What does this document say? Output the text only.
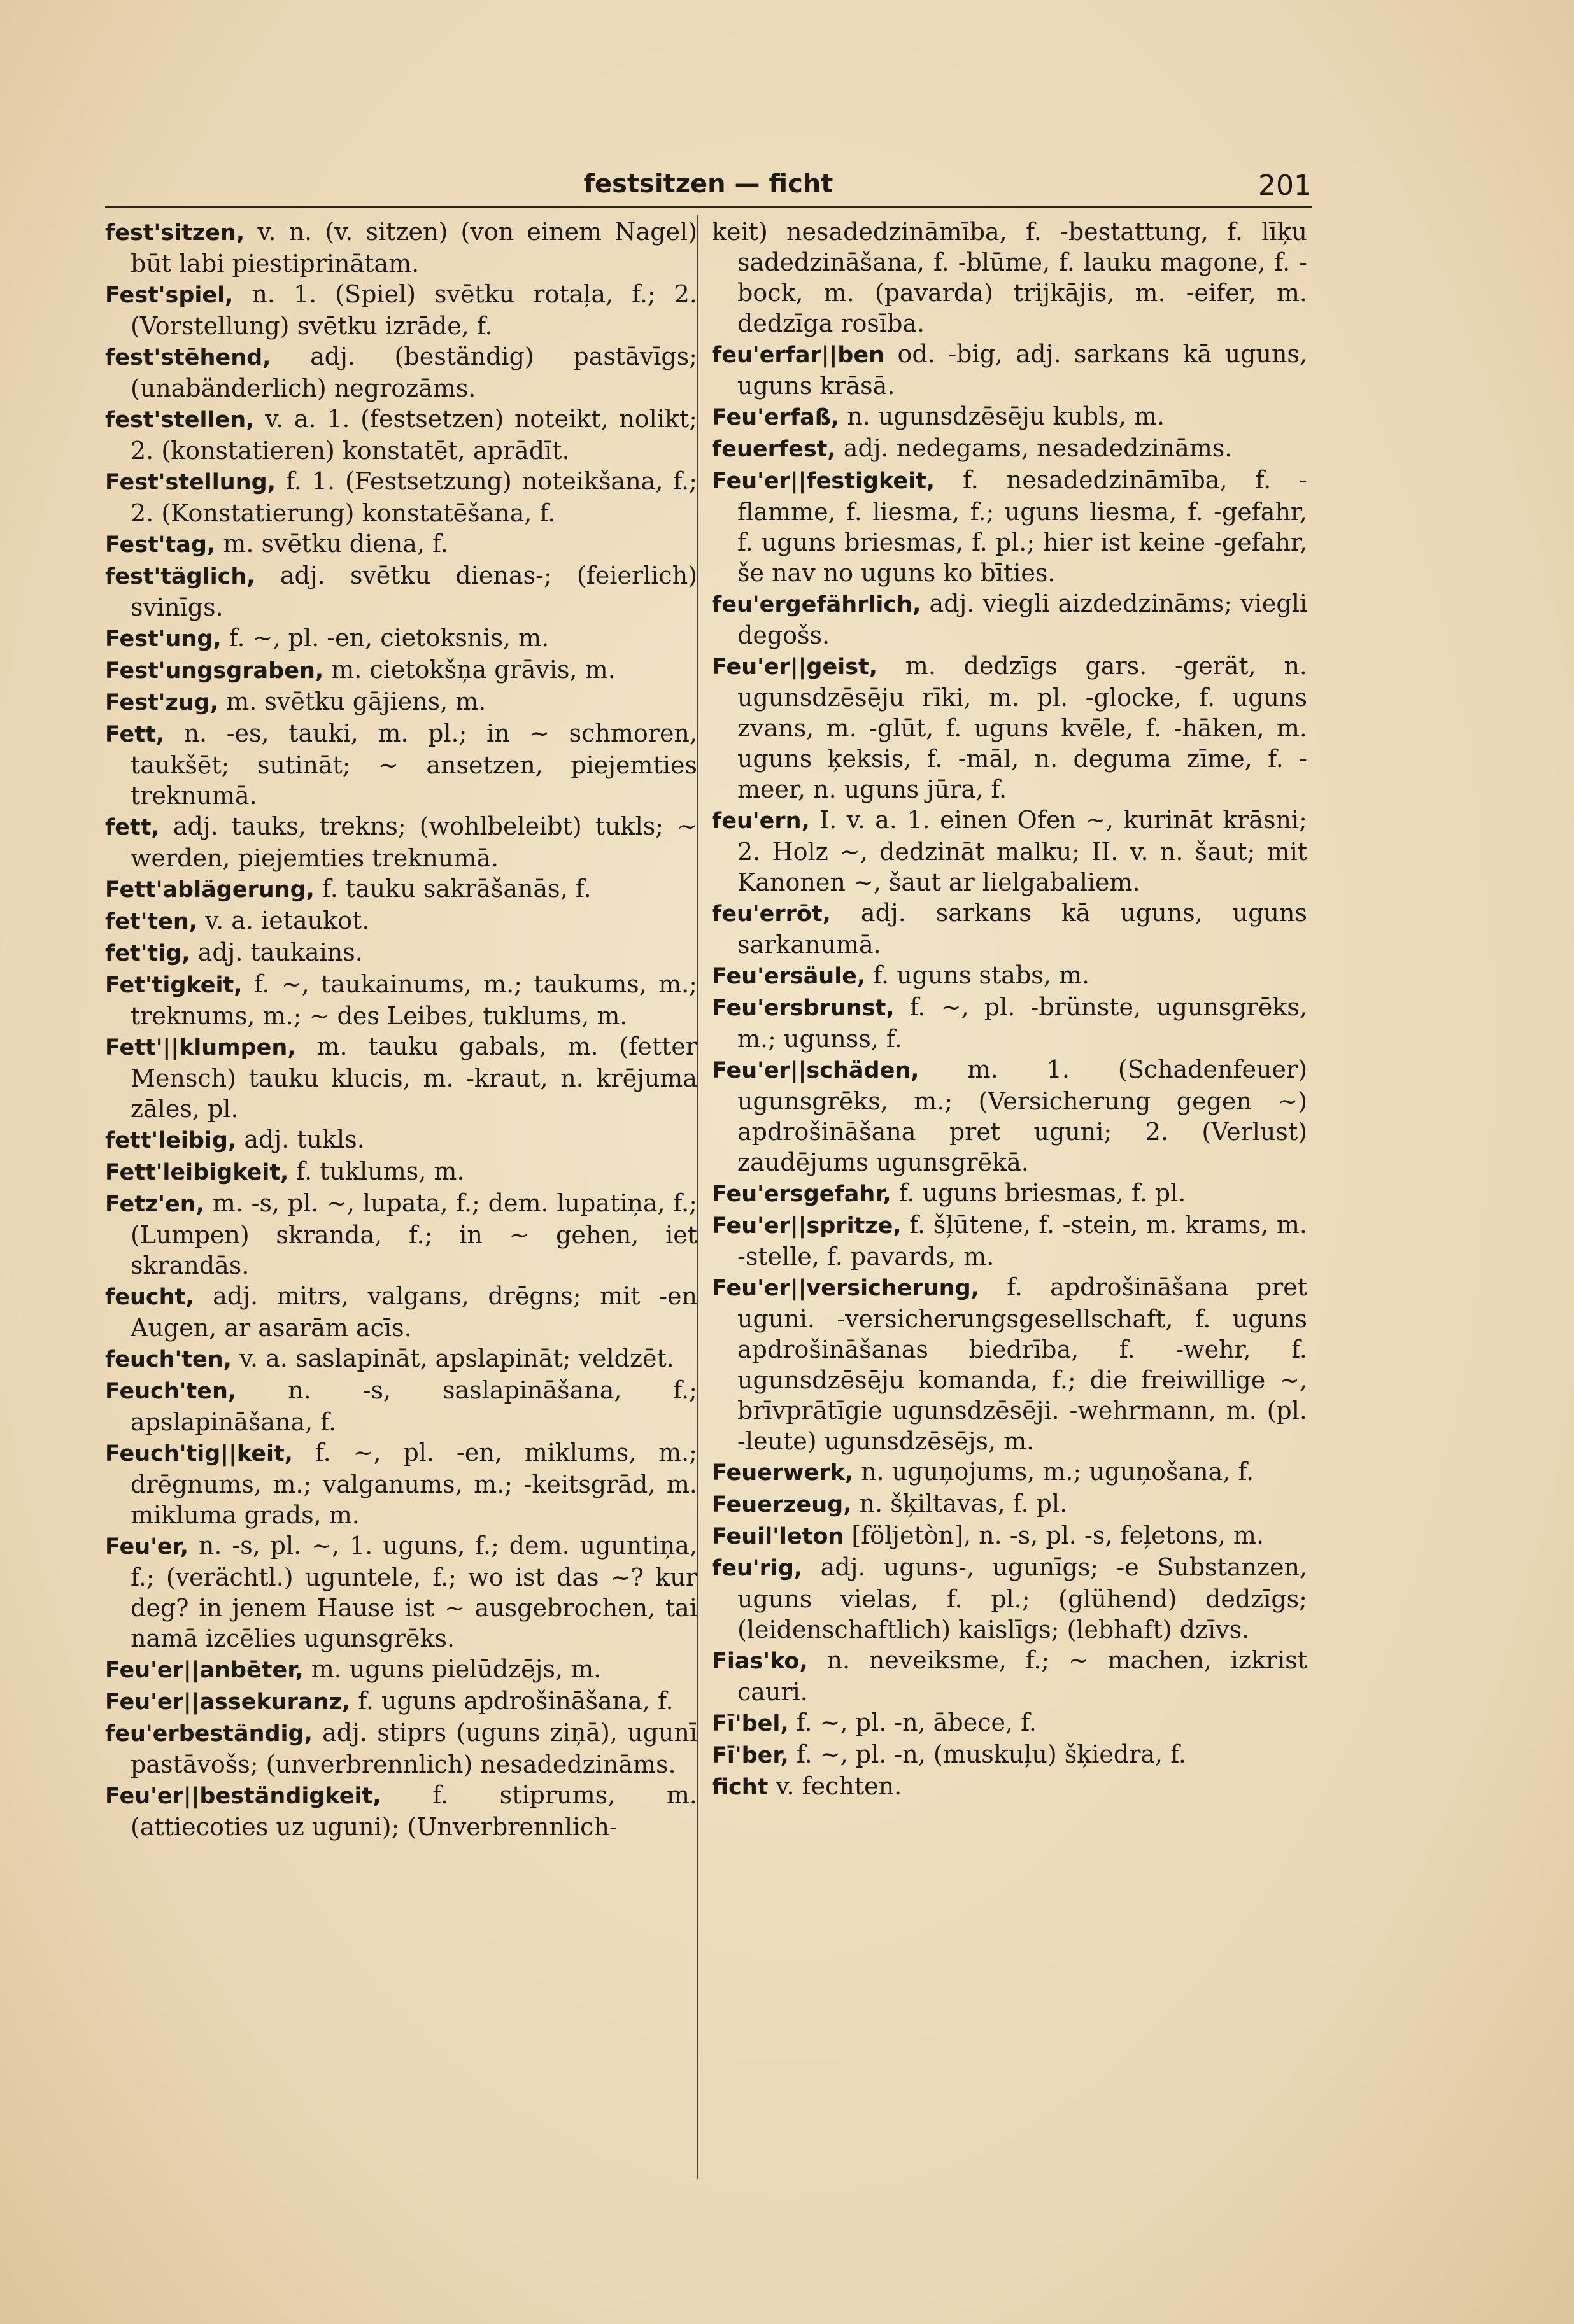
festsitzen — ficht	201

fest'sitzen, v. n. (v. sitzen) (von einem Nagel) būt labi piestiprinātam.

Fest'spiel, n. 1. (Spiel) svētku rotaļa, f.; 2. (Vorstellung) svētku izrāde, f.

fest'stēhend, adj. (beständig) pastāvīgs; (unabänderlich) negrozāms.

fest'stellen, v. a. 1. (festsetzen) noteikt, nolikt; 2. (konstatieren) konstatēt, aprādīt.

Fest'stellung, f. 1. (Festsetzung) noteikšana, f.; 2. (Konstatierung) konstatēšana, f.

Fest'tag, m. svētku diena, f.

fest'täglich, adj. svētku dienas-; (feierlich) svinīgs.

Fest'ung, f. ~, pl. -en, cietoksnis, m.

Fest'ungsgraben, m. cietokšņa grāvis, m.

Fest'zug, m. svētku gājiens, m.

Fett, n. -es, tauki, m. pl.; in ~ schmoren, taukšēt; sutināt; ~ ansetzen, piejemties treknumā.

fett, adj. tauks, trekns; (wohlbeleibt) tukls; ~ werden, piejemties treknumā.

Fett'ablägerung, f. tauku sakrāšanās, f.

fet'ten, v. a. ietaukot.

fet'tig, adj. taukains.

Fet'tigkeit, f. ~, taukainums, m.; taukums, m.; treknums, m.; ~ des Leibes, tuklums, m.

Fett'||klumpen, m. tauku gabals, m. (fetter Mensch) tauku klucis, m. -kraut, n. krējuma zāles, pl.

fett'leibig, adj. tukls.

Fett'leibigkeit, f. tuklums, m.

Fetz'en, m. -s, pl. ~, lupata, f.; dem. lupatiņa, f.; (Lumpen) skranda, f.; in ~ gehen, iet skrandās.

feucht, adj. mitrs, valgans, drēgns; mit -en Augen, ar asarām acīs.

feuch'ten, v. a. saslapināt, apslapināt; veldzēt.

Feuch'ten, n. -s, saslapināšana, f.; apslapināšana, f.

Feuch'tig||keit, f. ~, pl. -en, miklums, m.; drēgnums, m.; valganums, m.; -keitsgrād, m. mikluma grads, m.

Feu'er, n. -s, pl. ~, 1. uguns, f.; dem. uguntiņa, f.; (verächtl.) uguntele, f.; wo ist das ~? kur deg? in jenem Hause ist ~ ausgebrochen, tai namā izcēlies ugunsgrēks.

Feu'er||anbēter, m. uguns pielūdzējs, m.

Feu'er||assekuranz, f. uguns apdrošināšana, f.

feu'erbeständig, adj. stiprs (uguns ziņā), ugunī pastāvošs; (unverbrennlich) nesadedzināms.

Feu'er||beständigkeit, f. stiprums, m. (attiecoties uz uguni); (Unverbrennlich-

keit) nesadedzināmība, f. -bestattung, f. līķu sadedzināšana, f. -blūme, f. lauku magone, f. -bock, m. (pavarda) trijkājis, m. -eifer, m. dedzīga rosība.

feu'erfar||ben od. -big, adj. sarkans kā uguns, uguns krāsā.

Feu'erfaß, n. ugunsdzēsēju kubls, m.

feuerfest, adj. nedegams, nesadedzināms.

Feu'er||festigkeit, f. nesadedzināmība, f. -flamme, f. liesma, f.; uguns liesma, f. -gefahr, f. uguns briesmas, f. pl.; hier ist keine -gefahr, še nav no uguns ko bīties.

feu'ergefährlich, adj. viegli aizdedzināms; viegli degošs.

Feu'er||geist, m. dedzīgs gars. -gerät, n. ugunsdzēsēju rīki, m. pl. -glocke, f. uguns zvans, m. -glūt, f. uguns kvēle, f. -hāken, m. uguns ķeksis, f. -māl, n. deguma zīme, f. -meer, n. uguns jūra, f.

feu'ern, I. v. a. 1. einen Ofen ~, kurināt krāsni; 2. Holz ~, dedzināt malku; II. v. n. šaut; mit Kanonen ~, šaut ar lielgabaliem.

feu'errōt, adj. sarkans kā uguns, uguns sarkanumā.

Feu'ersäule, f. uguns stabs, m.

Feu'ersbrunst, f. ~, pl. -brünste, ugunsgrēks, m.; ugunss, f.

Feu'er||schäden, m. 1. (Schadenfeuer) ugunsgrēks, m.; (Versicherung gegen ~) apdrošināšana pret uguni; 2. (Verlust) zaudējums ugunsgrēkā.

Feu'ersgefahr, f. uguns briesmas, f. pl.

Feu'er||spritze, f. šļūtene, f. -stein, m. krams, m. -stelle, f. pavards, m.

Feu'er||versicherung, f. apdrošināšana pret uguni. -versicherungsgesellschaft, f. uguns apdrošināšanas biedrība, f. -wehr, f. ugunsdzēsēju komanda, f.; die freiwillige ~, brīvprātīgie ugunsdzēsēji. -wehrmann, m. (pl. -leute) ugunsdzēsējs, m.

Feuerwerk, n. uguņojums, m.; uguņošana, f.

Feuerzeug, n. šķiltavas, f. pl.

Feuil'leton [följetòn], n. -s, pl. -s, feļetons, m.

feu'rig, adj. uguns-, ugunīgs; -e Substanzen, uguns vielas, f. pl.; (glühend) dedzīgs; (leidenschaftlich) kaislīgs; (lebhaft) dzīvs.

Fias'ko, n. neveiksme, f.; ~ machen, izkrist cauri.

Fī'bel, f. ~, pl. -n, ābece, f.

Fī'ber, f. ~, pl. -n, (muskuļu) šķiedra, f.

ficht v. fechten.
